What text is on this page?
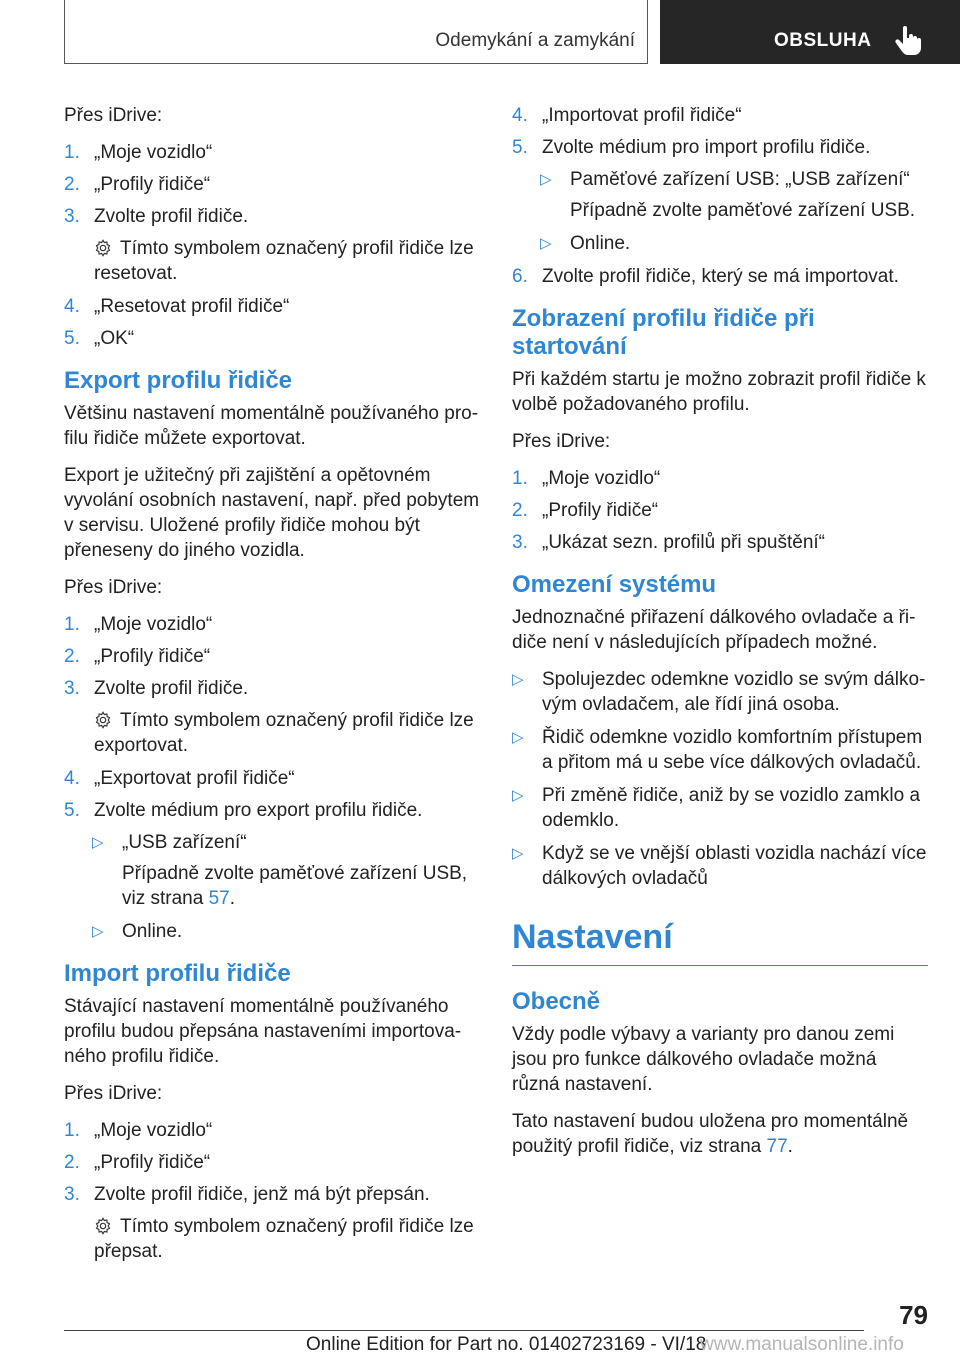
Odemykání a zamykání	OBSLUHA

Přes iDrive:

1. „Moje vozidlo“
2. „Profily řidiče“
3. Zvolte profil řidiče.
Tímto symbolem označený profil řidiče lze resetovat.
4. „Resetovat profil řidiče“
5. „OK“
Export profilu řidiče

Většinu nastavení momentálně používaného profilu řidiče můžete exportovat.

Export je užitečný při zajištění a opětovném vyvolání osobních nastavení, např. před pobytem v servisu. Uložené profily řidiče mohou být přeneseny do jiného vozidla.

Přes iDrive:

1. „Moje vozidlo“
2. „Profily řidiče“
3. Zvolte profil řidiče.
Tímto symbolem označený profil řidiče lze exportovat.
4. „Exportovat profil řidiče“
5. Zvolte médium pro export profilu řidiče.
▷ „USB zařízení“
Případně zvolte paměťové zařízení USB, viz strana 57.
▷ Online.
Import profilu řidiče

Stávající nastavení momentálně používaného profilu budou přepsána nastaveními importovaného profilu řidiče.

Přes iDrive:

1. „Moje vozidlo“
2. „Profily řidiče“
3. Zvolte profil řidiče, jenž má být přepsán.
Tímto symbolem označený profil řidiče lze přepsat.
4. „Importovat profil řidiče“
5. Zvolte médium pro import profilu řidiče.
▷ Paměťové zařízení USB: „USB zařízení“
Případně zvolte paměťové zařízení USB.
▷ Online.
6. Zvolte profil řidiče, který se má importovat.
Zobrazení profilu řidiče při startování

Při každém startu je možno zobrazit profil řidiče k volbě požadovaného profilu.

Přes iDrive:

1. „Moje vozidlo“
2. „Profily řidiče“
3. „Ukázat sezn. profilů při spuštění“
Omezení systému

Jednoznačné přiřazení dálkového ovladače a řidiče není v následujících případech možné.

▷ Spolujezdec odemkne vozidlo se svým dálkovým ovladačem, ale řídí jiná osoba.
▷ Řidič odemkne vozidlo komfortním přístupem a přitom má u sebe více dálkových ovladačů.
▷ Při změně řidiče, aniž by se vozidlo zamklo a odemklo.
▷ Když se ve vnější oblasti vozidla nachází více dálkových ovladačů
Nastavení
Obecně

Vždy podle výbavy a varianty pro danou zemi jsou pro funkce dálkového ovladače možná různá nastavení.

Tato nastavení budou uložena pro momentálně použitý profil řidiče, viz strana 77.

79
Online Edition for Part no. 01402723169 - VI/18
www.manualsonline.info
